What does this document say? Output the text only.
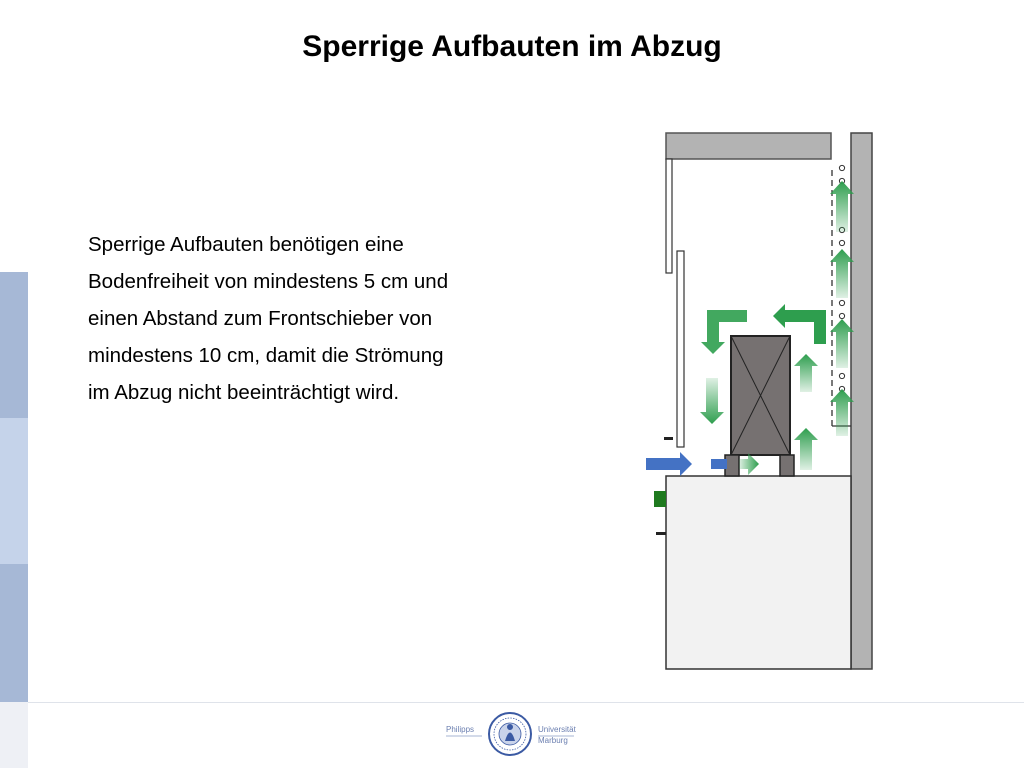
Sperrige Aufbauten im Abzug
Sperrige Aufbauten benötigen eine
Bodenfreiheit von mindestens 5 cm und
einen Abstand zum Frontschieber von
mindestens 10 cm, damit die Strömung
im Abzug nicht beeinträchtigt wird.
Philipps	Universität
Marburg
